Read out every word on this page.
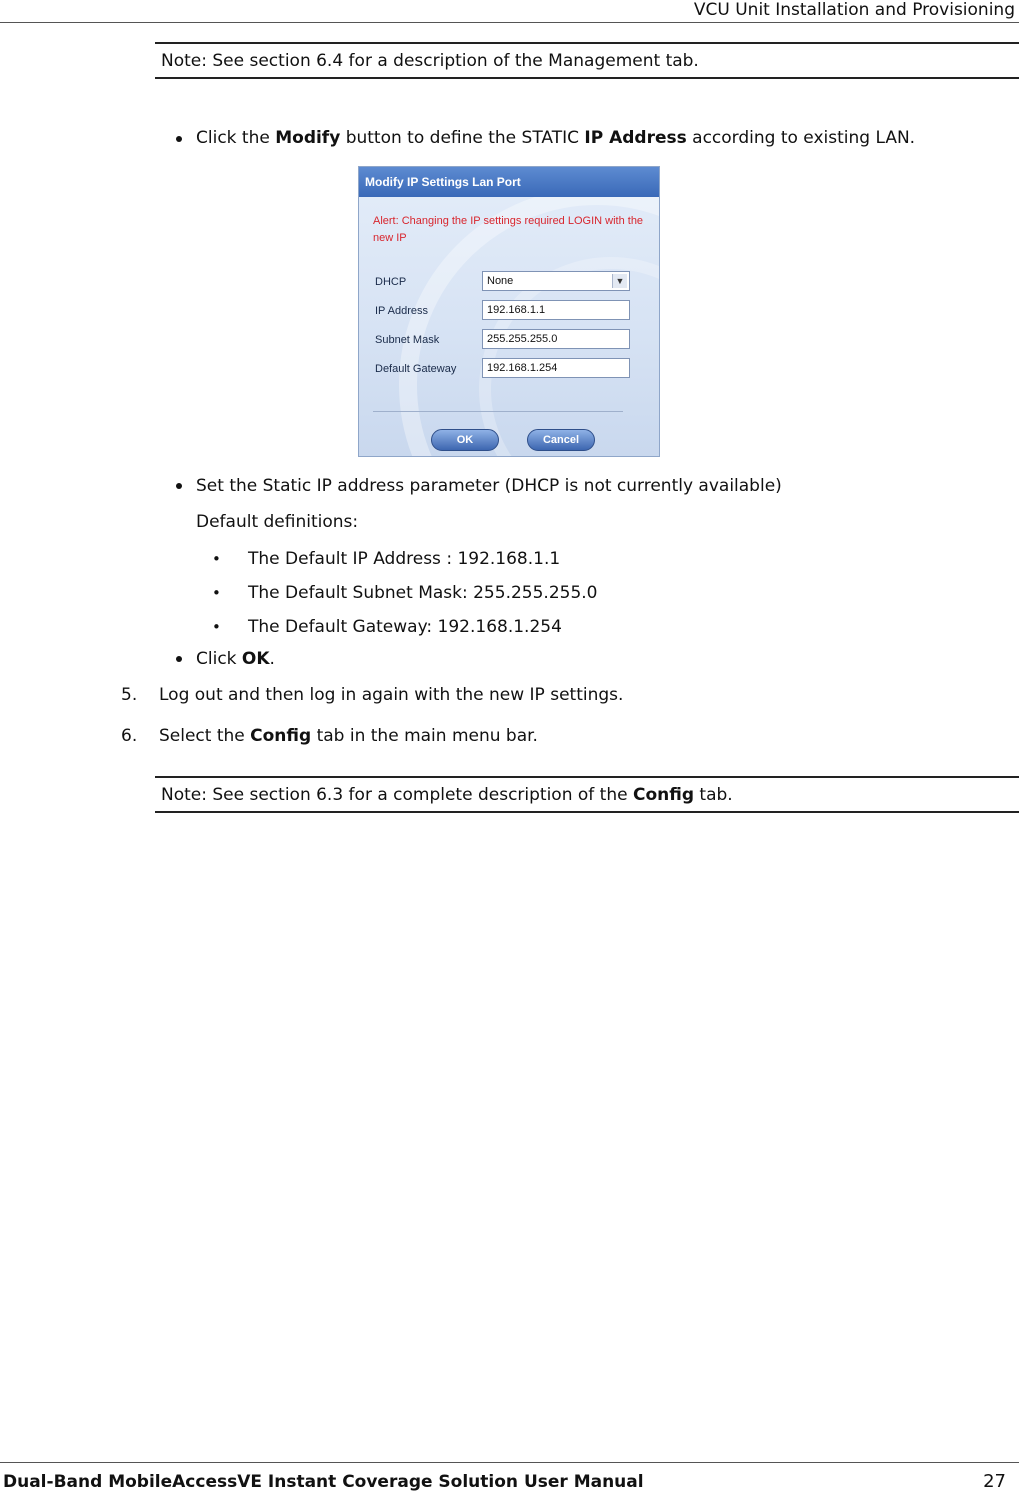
VCU Unit Installation and Provisioning
Note: See section 6.4 for a description of the Management tab.
Click the Modify button to define the STATIC IP Address according to existing LAN.
Modify IP Settings Lan Port
Alert: Changing the IP settings required LOGIN with the new IP
DHCP	None	▼
IP Address	192.168.1.1
Subnet Mask	255.255.255.0
Default Gateway	192.168.1.254
OK	Cancel
Set the Static IP address parameter (DHCP is not currently available)
Default definitions:
• The Default IP Address : 192.168.1.1
• The Default Subnet Mask: 255.255.255.0
• The Default Gateway: 192.168.1.254
Click OK.
5. Log out and then log in again with the new IP settings.
6. Select the Config tab in the main menu bar.
Note: See section 6.3 for a complete description of the Config tab.
Dual-Band MobileAccessVE Instant Coverage Solution User Manual	27
